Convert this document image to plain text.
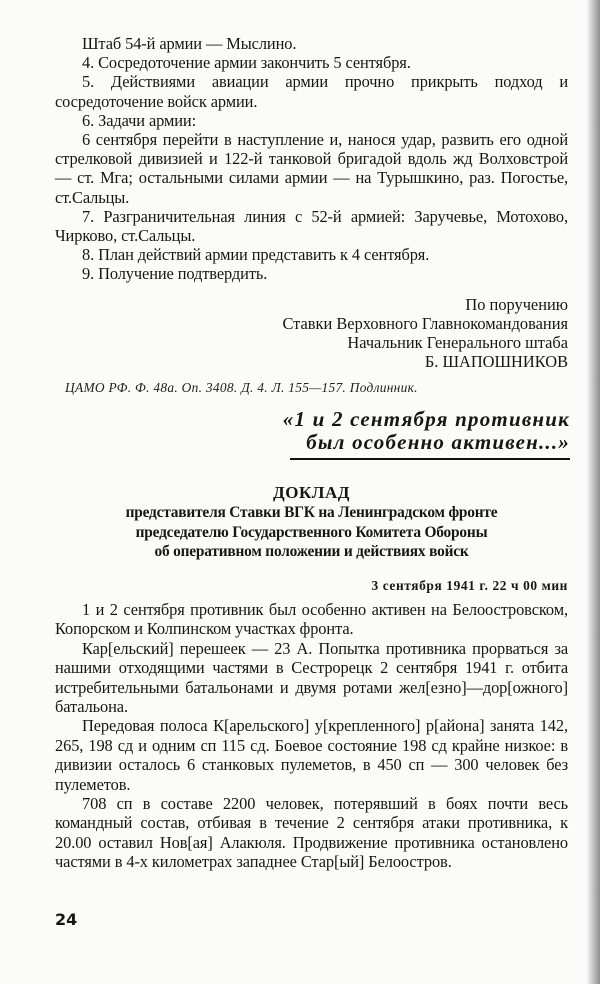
Штаб 54-й армии — Мыслино.

4. Сосредоточение армии закончить 5 сентября.

5. Действиями авиации армии прочно прикрыть подход и сосредоточение войск армии.

6. Задачи армии:

6 сентября перейти в наступление и, нанося удар, развить его одной стрелковой дивизией и 122-й танковой бригадой вдоль жд Волховстрой — ст. Мга; остальными силами армии — на Турышкино, раз. Погостье, ст.Сальцы.

7. Разграничительная линия с 52-й армией: Заручевье, Мотохово, Чирково, ст.Сальцы.

8. План действий армии представить к 4 сентября.

9. Получение подтвердить.

По поручению
Ставки Верховного Главнокомандования
Начальник Генерального штаба
Б. ШАПОШНИКОВ
ЦАМО РФ. Ф. 48а. Оп. 3408. Д. 4. Л. 155—157. Подлинник.
«1 и 2 сентября противник
был особенно активен...»
ДОКЛАД
представителя Ставки ВГК на Ленинградском фронте
председателю Государственного Комитета Обороны
об оперативном положении и действиях войск
3 сентября 1941 г. 22 ч 00 мин

1 и 2 сентября противник был особенно активен на Белоостровском, Копорском и Колпинском участках фронта.

Кар[ельский] перешеек — 23 А. Попытка противника прорваться за нашими отходящими частями в Сестрорецк 2 сентября 1941 г. отбита истребительными батальонами и двумя ротами жел[езно]—дор[ожного] батальона.

Передовая полоса К[арельского] у[крепленного] р[айона] занята 142, 265, 198 сд и одним сп 115 сд. Боевое состояние 198 сд крайне низкое: в дивизии осталось 6 станковых пулеметов, в 450 сп — 300 человек без пулеметов.

708 сп в составе 2200 человек, потерявший в боях почти весь командный состав, отбивая в течение 2 сентября атаки противника, к 20.00 оставил Нов[ая] Алакюля. Продвижение противника остановлено частями в 4-х километрах западнее Стар[ый] Белоостров.

24
